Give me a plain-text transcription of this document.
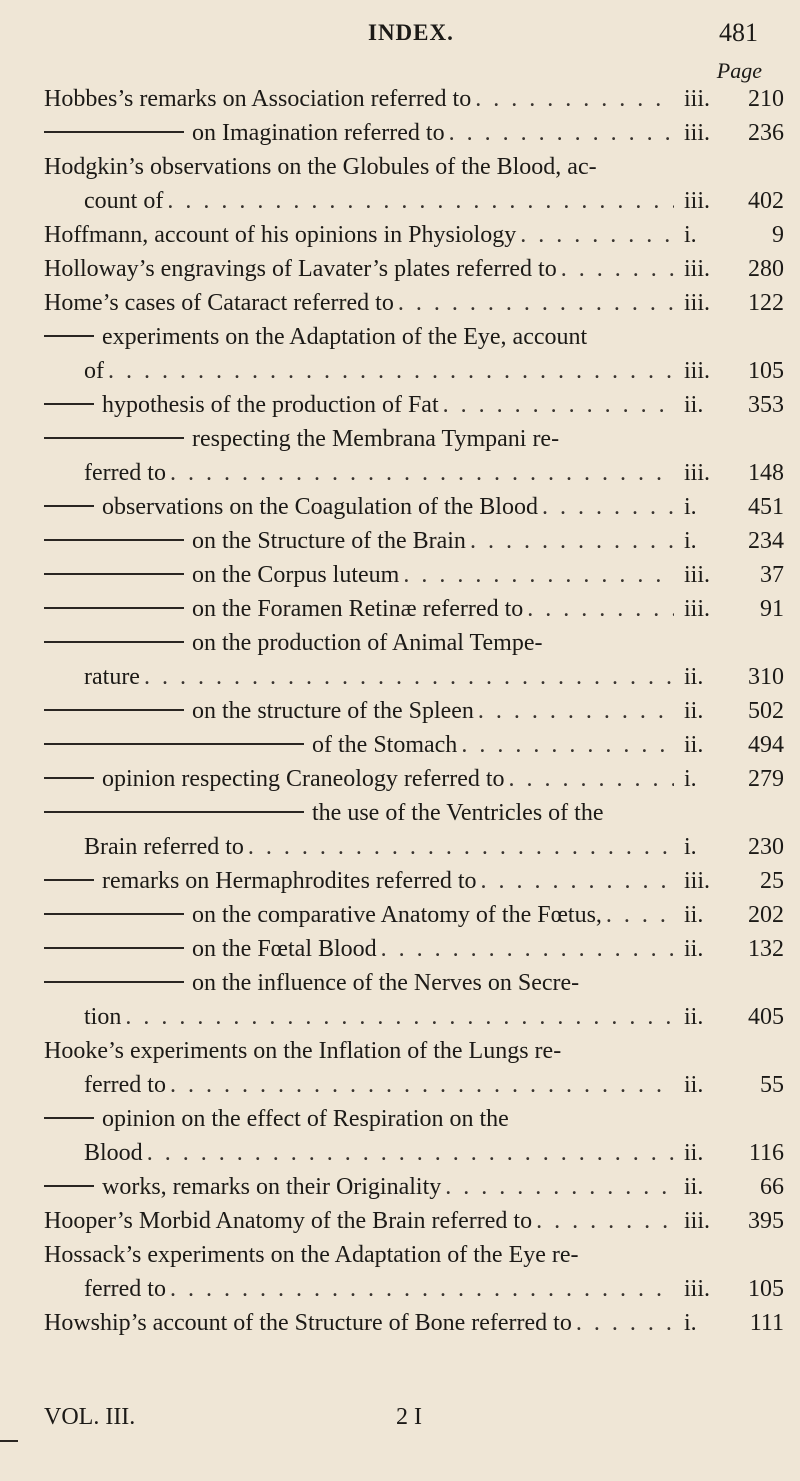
INDEX.	481
Page
Hobbes’s remarks on Association referred to . . .	iii.	210
on Imagination referred to . . .	iii.	236
Hodgkin’s observations on the Globules of the Blood, ac-
count of . . .	iii.	402
Hoffmann, account of his opinions in Physiology . . .	i.	9
Holloway’s engravings of Lavater’s plates referred to . . .	iii.	280
Home’s cases of Cataract referred to . . .	iii.	122
experiments on the Adaptation of the Eye, account
of . . .	iii.	105
hypothesis of the production of Fat . . .	ii.	353
respecting the Membrana Tympani re-
ferred to . . .	iii.	148
observations on the Coagulation of the Blood . . .	i.	451
on the Structure of the Brain . . .	i.	234
on the Corpus luteum . . .	iii.	37
on the Foramen Retinæ referred to . . .	iii.	91
on the production of Animal Tempe-
rature . . .	ii.	310
on the structure of the Spleen . . .	ii.	502
of the Stomach . . .	ii.	494
opinion respecting Craneology referred to . . .	i.	279
the use of the Ventricles of the
Brain referred to . . .	i.	230
remarks on Hermaphrodites referred to . . .	iii.	25
on the comparative Anatomy of the Fœtus, . . .	ii.	202
on the Fœtal Blood . . .	ii.	132
on the influence of the Nerves on Secre-
tion . . .	ii.	405
Hooke’s experiments on the Inflation of the Lungs re-
ferred to . . .	ii.	55
opinion on the effect of Respiration on the
Blood . . .	ii.	116
works, remarks on their Originality . . .	ii.	66
Hooper’s Morbid Anatomy of the Brain referred to . . .	iii.	395
Hossack’s experiments on the Adaptation of the Eye re-
ferred to . . .	iii.	105
Howship’s account of the Structure of Bone referred to . . .	i.	111
VOL. III.	2 I
